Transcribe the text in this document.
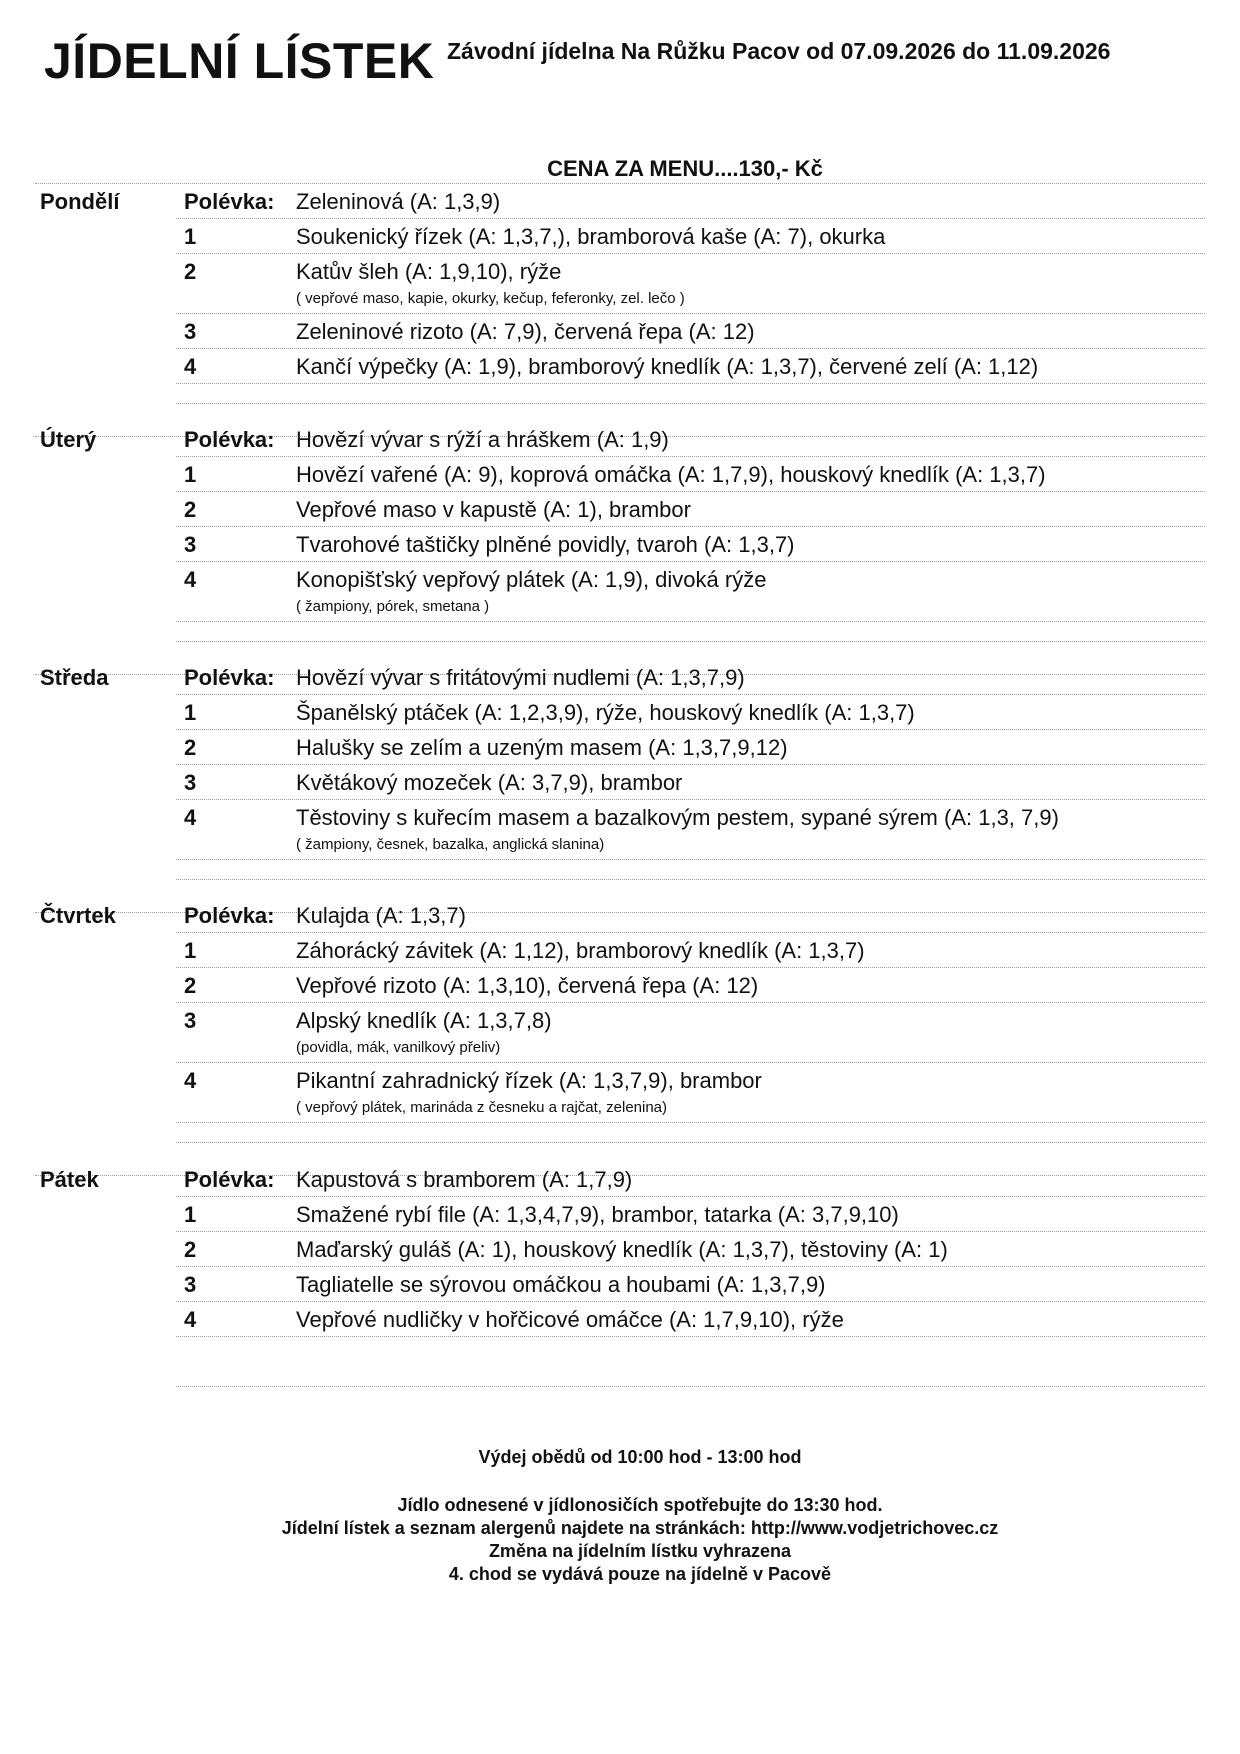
JÍDELNÍ LÍSTEK Závodní jídelna Na Růžku Pacov od 07.09.2026 do 11.09.2026
CENA ZA MENU....130,- Kč
Pondělí	Polévka: Zeleninová (A: 1,3,9)
1	Soukenický řízek (A: 1,3,7,), bramborová kaše (A: 7), okurka
2	Katův šleh (A: 1,9,10), rýže
( vepřové maso, kapie, okurky, kečup, feferonky, zel. lečo )
3	Zeleninové rizoto (A: 7,9), červená řepa (A: 12)
4	Kančí výpečky (A: 1,9), bramborový knedlík (A: 1,3,7), červené zelí (A: 1,12)
Úterý	Polévka: Hovězí vývar s rýží a hráškem (A: 1,9)
1	Hovězí vařené (A: 9), koprová omáčka (A: 1,7,9), houskový knedlík (A: 1,3,7)
2	Vepřové maso v kapustě (A: 1), brambor
3	Tvarohové taštičky plněné povidly, tvaroh (A: 1,3,7)
4	Konopišťský vepřový plátek (A: 1,9), divoká rýže
( žampiony, pórek, smetana )
Středa	Polévka: Hovězí vývar s fritátovými nudlemi (A: 1,3,7,9)
1	Španělský ptáček (A: 1,2,3,9), rýže, houskový knedlík (A: 1,3,7)
2	Halušky se zelím a uzeným masem (A: 1,3,7,9,12)
3	Květákový mozeček (A: 3,7,9), brambor
4	Těstoviny s kuřecím masem a bazalkovým pestem, sypané sýrem (A: 1,3, 7,9)
( žampiony, česnek, bazalka, anglická slanina)
Čtvrtek	Polévka: Kulajda (A: 1,3,7)
1	Záhorácký závitek (A: 1,12), bramborový knedlík (A: 1,3,7)
2	Vepřové rizoto (A: 1,3,10), červená řepa (A: 12)
3	Alpský knedlík (A: 1,3,7,8)
(povidla, mák, vanilkový přeliv)
4	Pikantní zahradnický řízek (A: 1,3,7,9), brambor
( vepřový plátek, marináda z česneku a rajčat, zelenina)
Pátek	Polévka: Kapustová s bramborem (A: 1,7,9)
1	Smažené rybí file (A: 1,3,4,7,9), brambor, tatarka (A: 3,7,9,10)
2	Maďarský guláš (A: 1), houskový knedlík (A: 1,3,7), těstoviny (A: 1)
3	Tagliatelle se sýrovou omáčkou a houbami (A: 1,3,7,9)
4	Vepřové nudličky v hořčicové omáčce (A: 1,7,9,10), rýže
Výdej obědů od 10:00 hod - 13:00 hod
Jídlo odnesené v jídlonosičích spotřebujte do 13:30 hod.
Jídelní lístek a seznam alergenů najdete na stránkách: http://www.vodjetrichovec.cz
Změna na jídelním lístku vyhrazena
4. chod se vydává pouze na jídelně v Pacově
